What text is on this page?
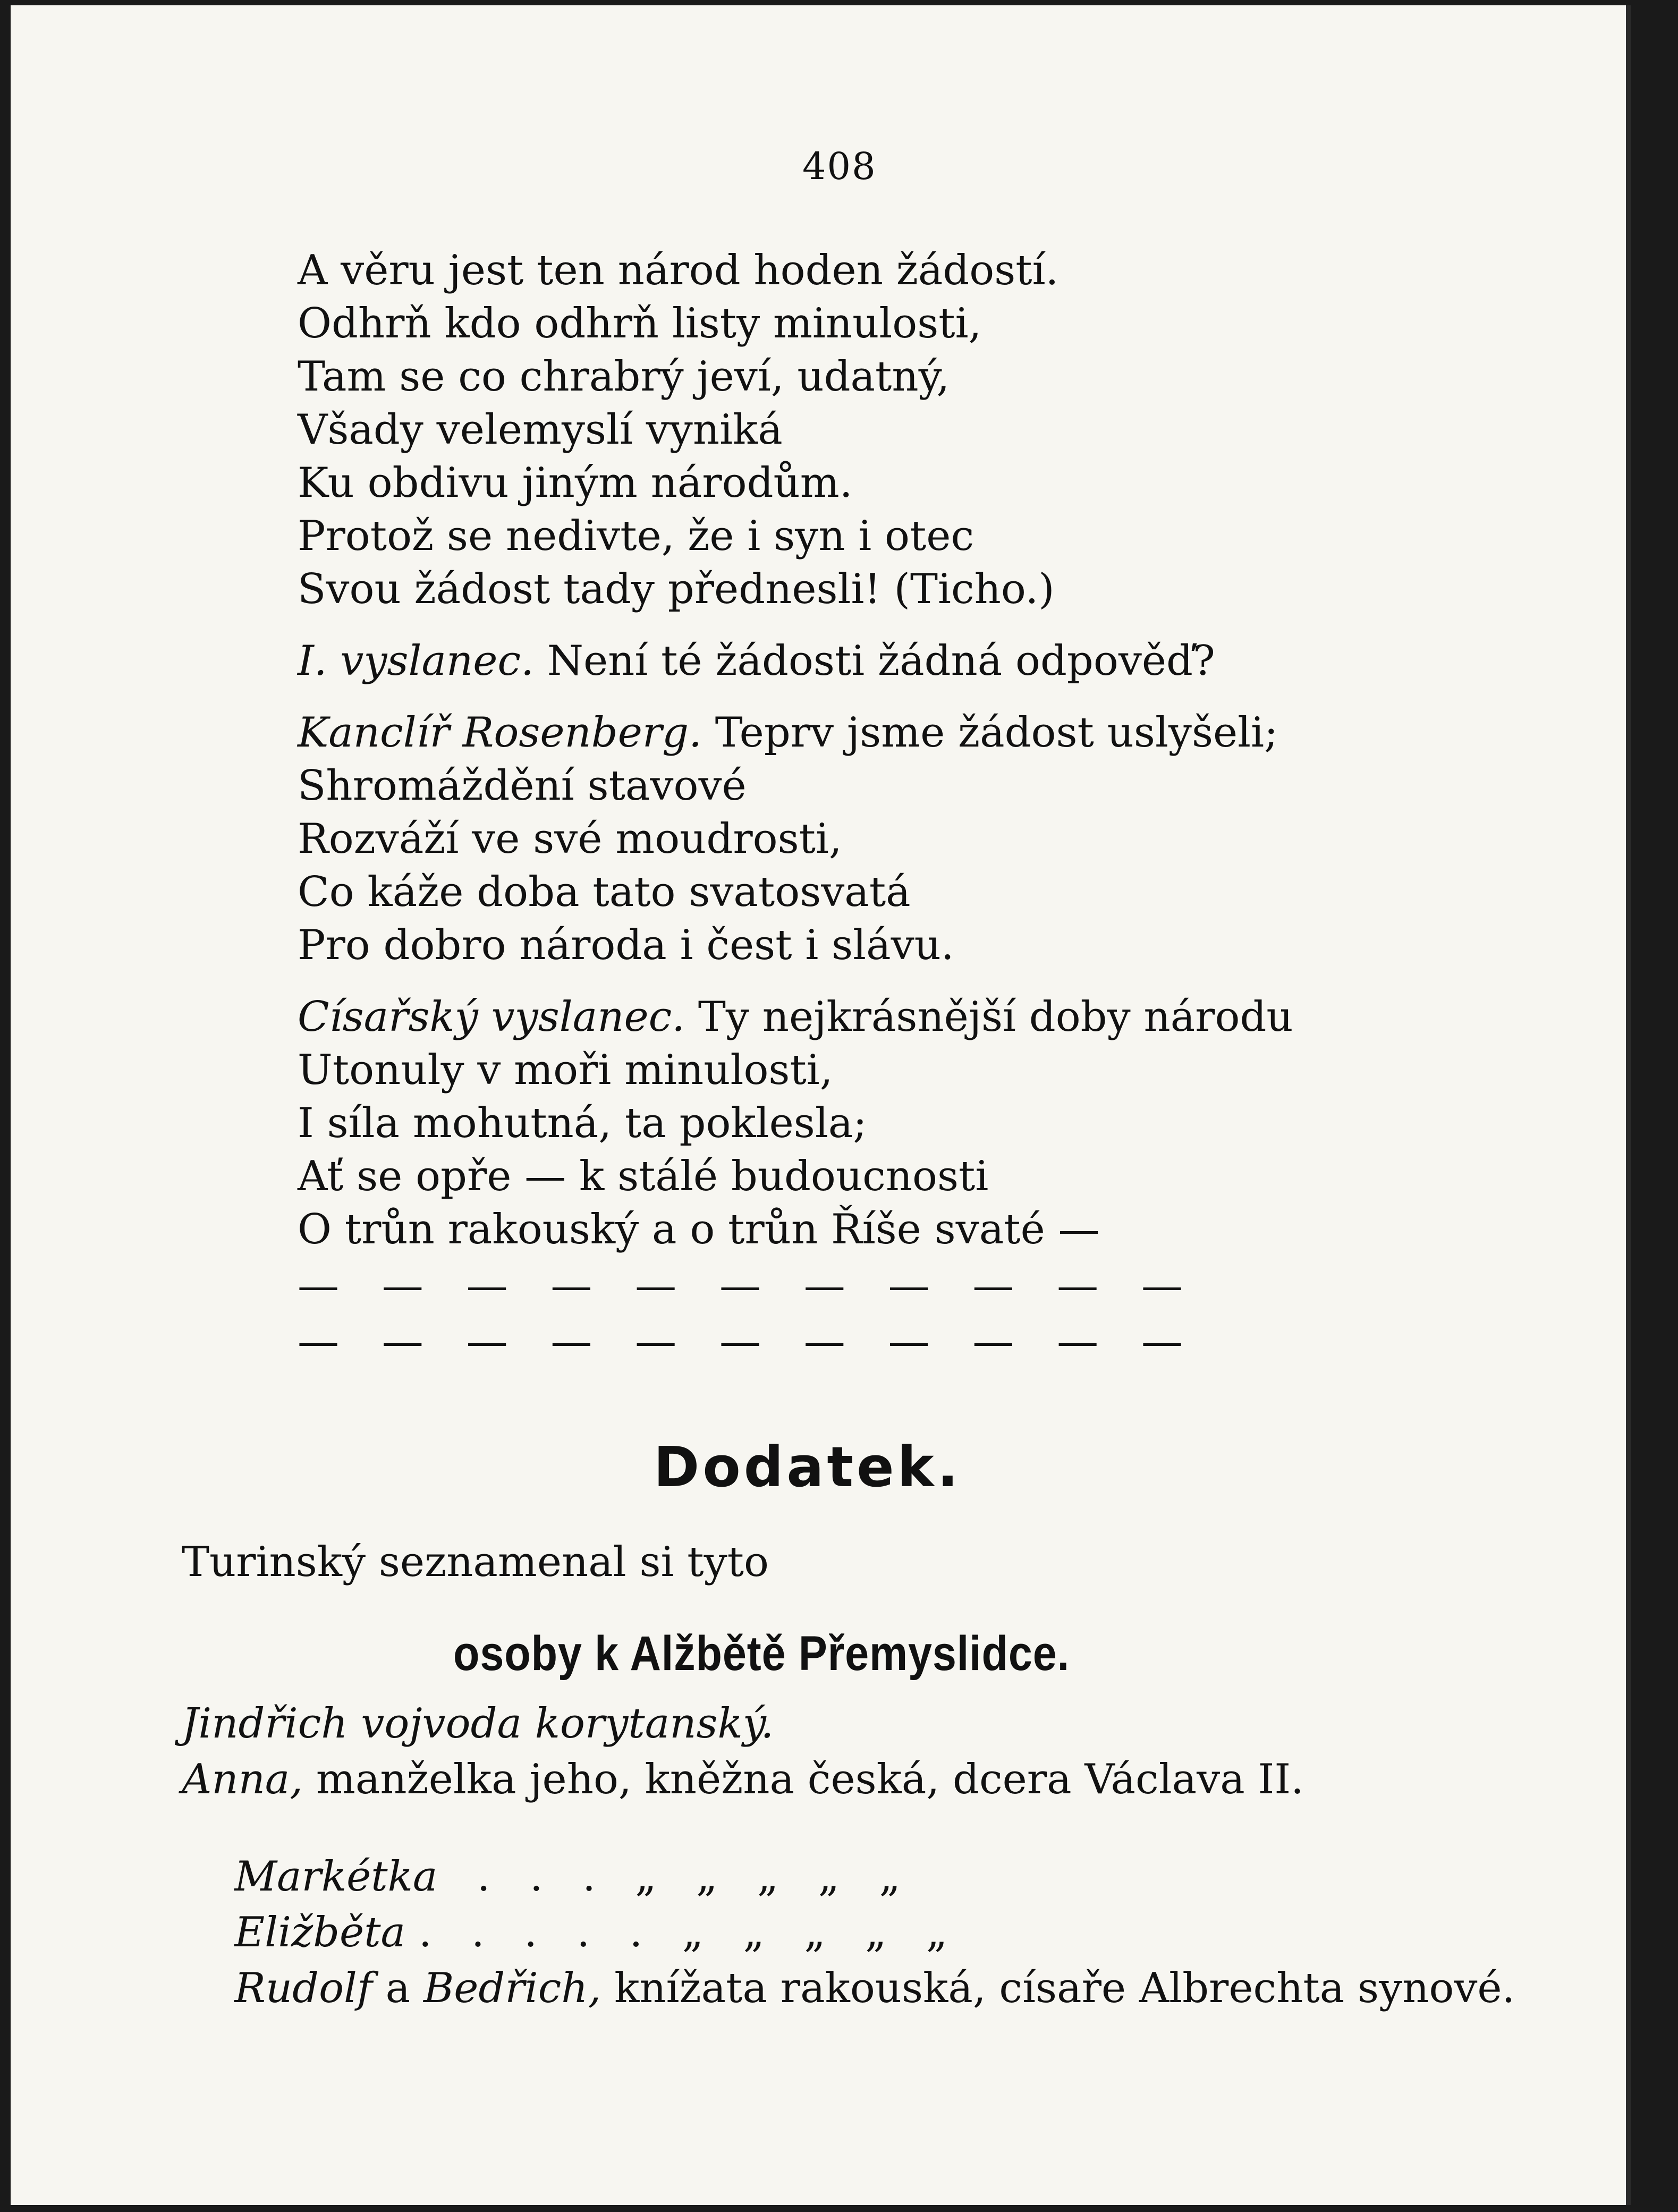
408
A věru jest ten národ hoden žádostí.
Odhrň kdo odhrň listy minulosti,
Tam se co chrabrý jeví, udatný,
Všady velemyslí vyniká
Ku obdivu jiným národům.
Protož se nedivte, že i syn i otec
Svou žádost tady přednesli! (Ticho.)
I. vyslanec. Není té žádosti žádná odpověď?
Kanclíř Rosenberg. Teprv jsme žádost uslyšeli;
Shromáždění stavové
Rozváží ve své moudrosti,
Co káže doba tato svatosvatá
Pro dobro národa i čest i slávu.
Císařský vyslanec. Ty nejkrásnější doby národu
Utonuly v moři minulosti,
I síla mohutná, ta poklesla;
Ať se opře — k stálé budoucnosti
O trůn rakouský a o trůn Říše svaté —
— — — — — — — — — — —
— — — — — — — — — — —
Dodatek.
Turinský seznamenal si tyto
osoby k Alžbětě Přemyslidce.
Jindřich vojvoda korytanský.
Anna, manželka jeho, kněžna česká, dcera Václava II.

Markétka   .   .   .   „   „   „   „   „

Eližběta .   .   .   .   .   „   „   „   „   „

Rudolf a Bedřich, knížata rakouská, císaře Albrechta synové.
